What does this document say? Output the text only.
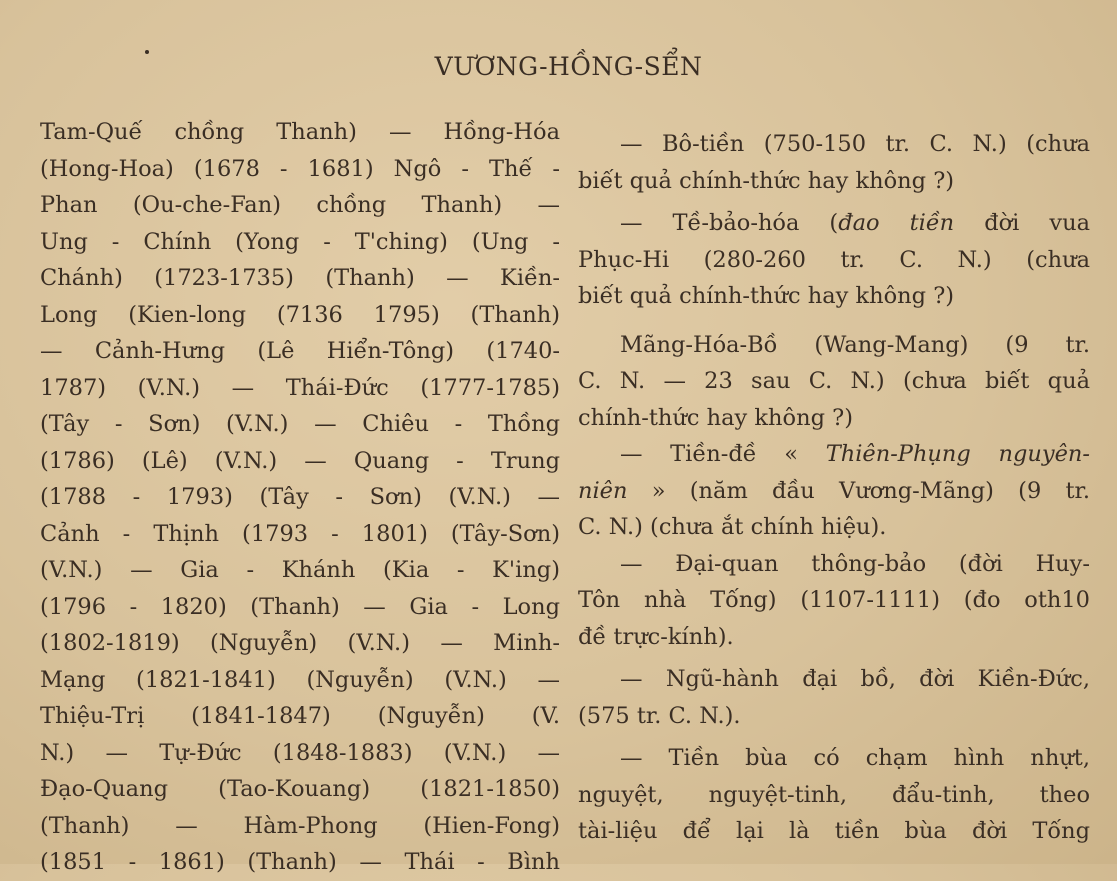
VƯƠNG-HỒNG-SỂN
Tam-Quế chồng Thanh) — Hồng-Hóa
(Hong-Hoa) (1678 - 1681) Ngô - Thế -
Phan (Ou-che-Fan) chồng Thanh) —
Ung - Chính (Yong - T'ching) (Ung -
Chánh) (1723-1735) (Thanh) — Kiền-
Long (Kien-long (7136 1795) (Thanh)
— Cảnh-Hưng (Lê Hiển-Tông) (1740-
1787) (V.N.) — Thái-Đức (1777-1785)
(Tây - Sơn) (V.N.) — Chiêu - Thồng
(1786) (Lê) (V.N.) — Quang - Trung
(1788 - 1793) (Tây - Sơn) (V.N.) —
Cảnh - Thịnh (1793 - 1801) (Tây-Sơn)
(V.N.) — Gia - Khánh (Kia - K'ing)
(1796 - 1820) (Thanh) — Gia - Long
(1802-1819) (Nguyễn) (V.N.) — Minh-
Mạng (1821-1841) (Nguyễn) (V.N.) —
Thiệu-Trị (1841-1847) (Nguyễn) (V.
N.) — Tự-Đức (1848-1883) (V.N.) —
Đạo-Quang (Tao-Kouang) (1821-1850)
(Thanh) — Hàm-Phong (Hien-Fong)
(1851 - 1861) (Thanh) — Thái - Bình
— Bô-tiền (750-150 tr. C. N.) (chưa
biết quả chính-thức hay không ?)
— Tề-bảo-hóa (đao tiền đời vua
Phục-Hi (280-260 tr. C. N.) (chưa
biết quả chính-thức hay không ?)
Mãng-Hóa-Bồ (Wang-Mang) (9 tr.
C. N. — 23 sau C. N.) (chưa biết quả
chính-thức hay không ?)
— Tiền-đề « Thiên-Phụng nguyên-
niên » (năm đầu Vương-Mãng) (9 tr.
C. N.) (chưa ắt chính hiệu).
— Đại-quan thông-bảo (đời Huy-
Tôn nhà Tống) (1107-1111) (đo oth10
đề trực-kính).
— Ngũ-hành đại bồ, đời Kiền-Đức,
(575 tr. C. N.).
— Tiền bùa có chạm hình nhựt,
nguyệt, nguyệt-tinh, đẩu-tinh, theo
tài-liệu để lại là tiền bùa đời Tống
